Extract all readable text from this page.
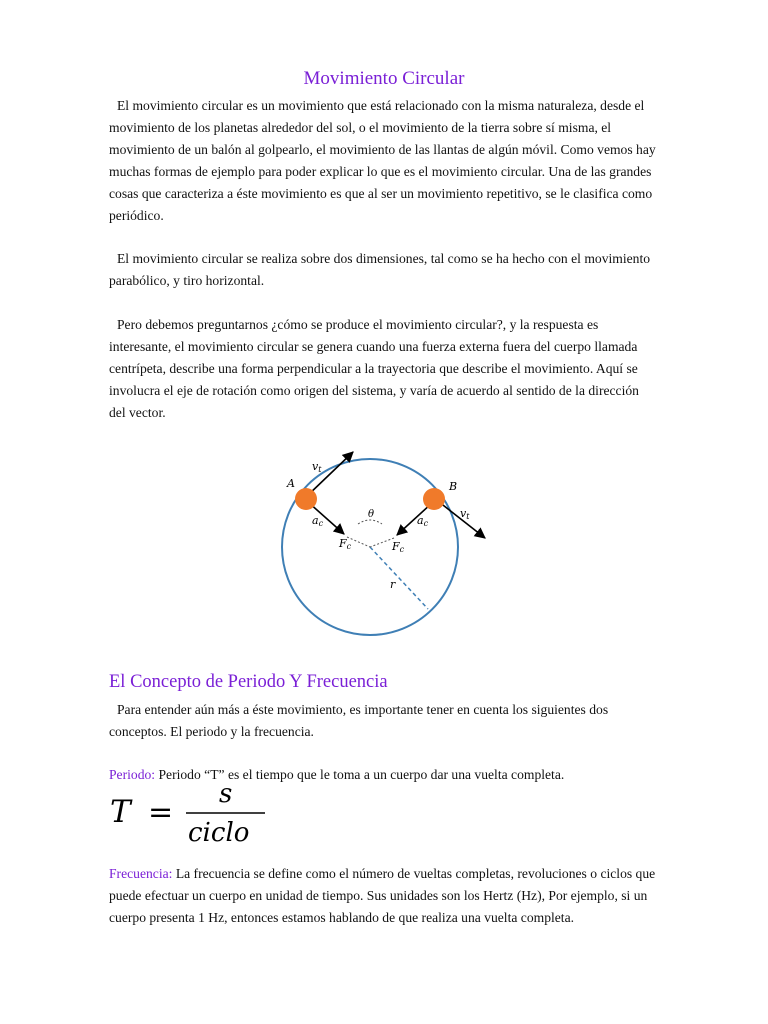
Movimiento Circular

El movimiento circular es un movimiento que está relacionado con la misma naturaleza, desde el movimiento de los planetas alrededor del sol, o el movimiento de la tierra sobre sí misma, el movimiento de un balón al golpearlo, el movimiento de las llantas de algún móvil. Como vemos hay muchas formas de ejemplo para poder explicar lo que es el movimiento circular. Una de las grandes cosas que caracteriza a éste movimiento es que al ser un movimiento repetitivo, se le clasifica como periódico.

El movimiento circular se realiza sobre dos dimensiones, tal como se ha hecho con el movimiento parabólico, y tiro horizontal.

Pero debemos preguntarnos ¿cómo se produce el movimiento circular?, y la respuesta es interesante, el movimiento circular se genera cuando una fuerza externa fuera del cuerpo llamada centrípeta, describe una forma perpendicular a la trayectoria que describe el movimiento. Aquí se involucra el eje de rotación como origen del sistema, y varía de acuerdo al sentido de la dirección del vector.

A	B
vt
vt
ac	ac
Fc	Fc
θ
r
El Concepto de Periodo Y Frecuencia

Para entender aún más a éste movimiento, es importante tener en cuenta los siguientes dos conceptos. El periodo y la frecuencia.

Periodo: Periodo “T” es el tiempo que le toma a un cuerpo dar una vuelta completa.
T =
s
ciclo

Frecuencia: La frecuencia se define como el número de vueltas completas, revoluciones o ciclos que puede efectuar un cuerpo en unidad de tiempo. Sus unidades son los Hertz (Hz), Por ejemplo, si un cuerpo presenta 1 Hz, entonces estamos hablando de que realiza una vuelta completa.
